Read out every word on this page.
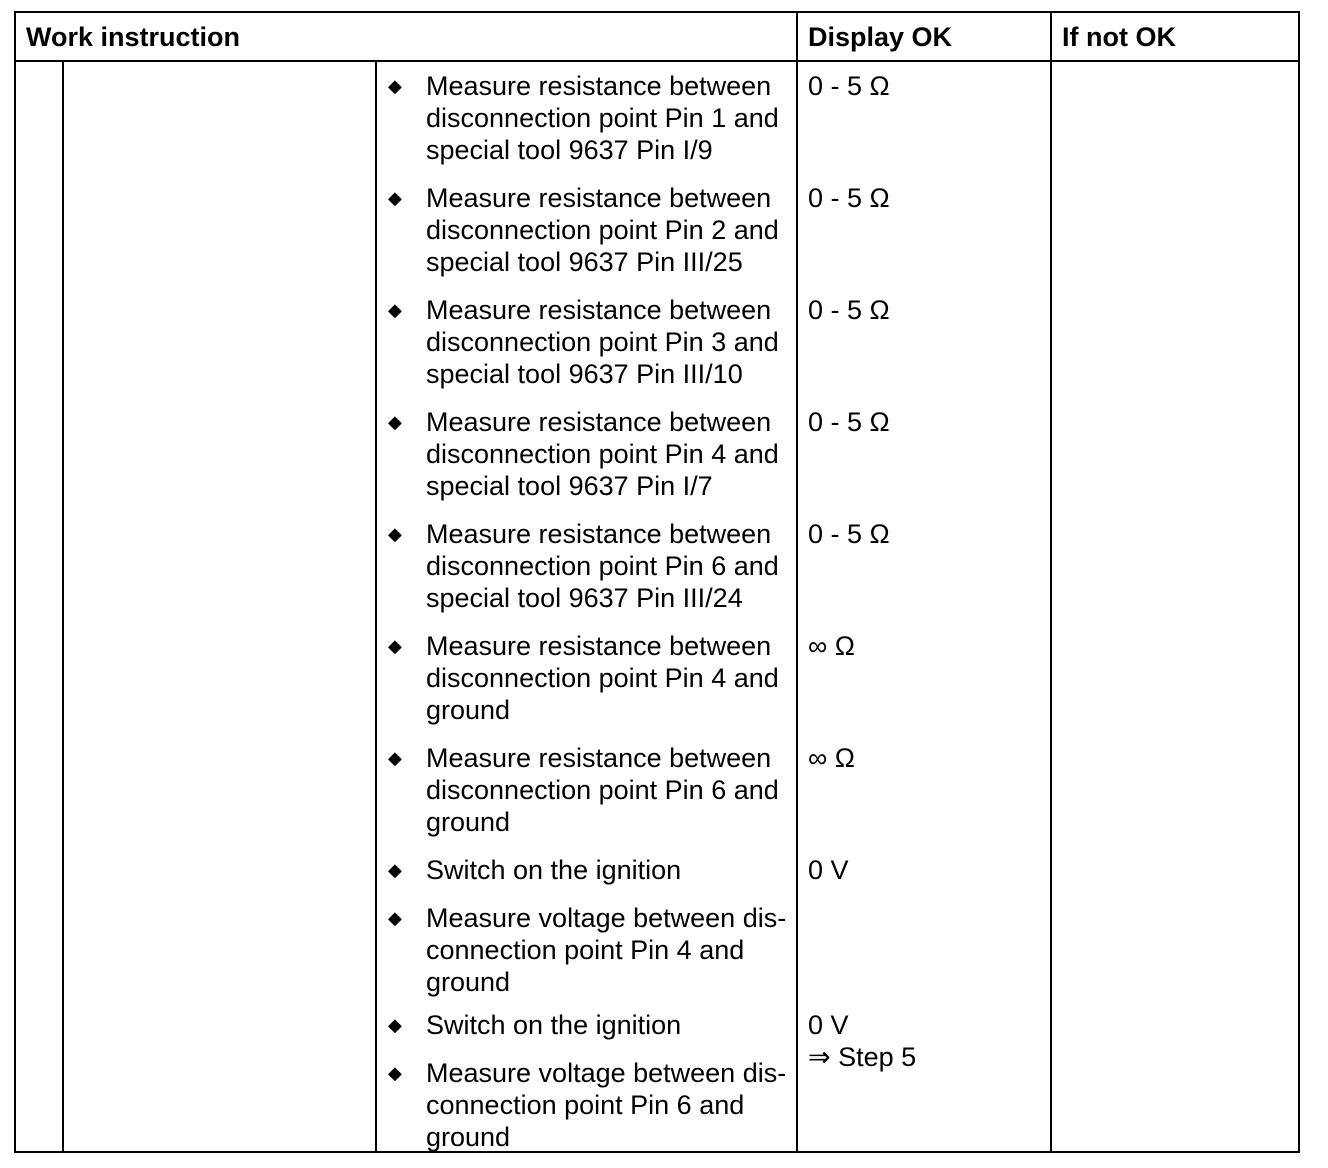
Work instruction	Display OK	If not OK
◆ Measure resistance between disconnection point Pin 1 and special tool 9637 Pin I/9
0 - 5 Ω
◆ Measure resistance between disconnection point Pin 2 and special tool 9637 Pin III/25
0 - 5 Ω
◆ Measure resistance between disconnection point Pin 3 and special tool 9637 Pin III/10
0 - 5 Ω
◆ Measure resistance between disconnection point Pin 4 and special tool 9637 Pin I/7
0 - 5 Ω
◆ Measure resistance between disconnection point Pin 6 and special tool 9637 Pin III/24
0 - 5 Ω
◆ Measure resistance between disconnection point Pin 4 and ground
∞ Ω
◆ Measure resistance between disconnection point Pin 6 and ground
∞ Ω
◆ Switch on the ignition
◆ Measure voltage between dis-connection point Pin 4 and ground
0 V
◆ Switch on the ignition
◆ Measure voltage between dis-connection point Pin 6 and ground
0 V
⇒ Step 5
